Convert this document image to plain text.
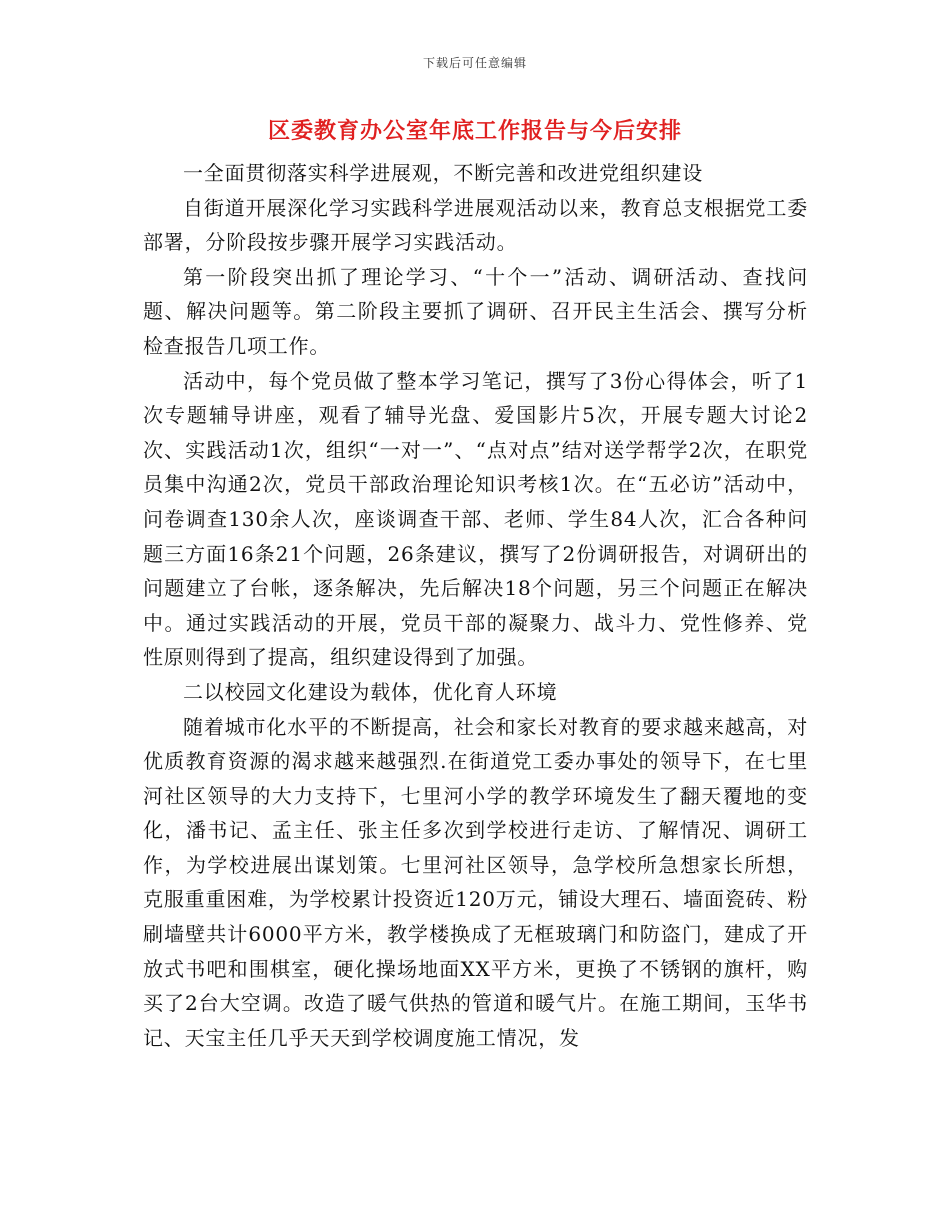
下载后可任意编辑
区委教育办公室年底工作报告与今后安排

一全面贯彻落实科学进展观，不断完善和改进党组织建设

自街道开展深化学习实践科学进展观活动以来，教育总支根据党工委部署，分阶段按步骤开展学习实践活动。

第一阶段突出抓了理论学习、“十个一”活动、调研活动、查找问题、解决问题等。第二阶段主要抓了调研、召开民主生活会、撰写分析检查报告几项工作。

活动中，每个党员做了整本学习笔记，撰写了3份心得体会，听了1次专题辅导讲座，观看了辅导光盘、爱国影片5次，开展专题大讨论2次、实践活动1次，组织“一对一”、“点对点”结对送学帮学2次，在职党员集中沟通2次，党员干部政治理论知识考核1次。在“五必访”活动中，问卷调查130余人次，座谈调查干部、老师、学生84人次，汇合各种问题三方面16条21个问题，26条建议，撰写了2份调研报告，对调研出的问题建立了台帐，逐条解决，先后解决18个问题，另三个问题正在解决中。通过实践活动的开展，党员干部的凝聚力、战斗力、党性修养、党性原则得到了提高，组织建设得到了加强。

二以校园文化建设为载体，优化育人环境

随着城市化水平的不断提高，社会和家长对教育的要求越来越高，对优质教育资源的渴求越来越强烈.在街道党工委办事处的领导下，在七里河社区领导的大力支持下，七里河小学的教学环境发生了翻天覆地的变化，潘书记、孟主任、张主任多次到学校进行走访、了解情况、调研工作，为学校进展出谋划策。七里河社区领导，急学校所急想家长所想，克服重重困难，为学校累计投资近120万元，铺设大理石、墙面瓷砖、粉刷墙壁共计6000平方米，教学楼换成了无框玻璃门和防盗门，建成了开放式书吧和围棋室，硬化操场地面XX平方米，更换了不锈钢的旗杆，购买了2台大空调。改造了暖气供热的管道和暖气片。在施工期间，玉华书记、天宝主任几乎天天到学校调度施工情况，发
